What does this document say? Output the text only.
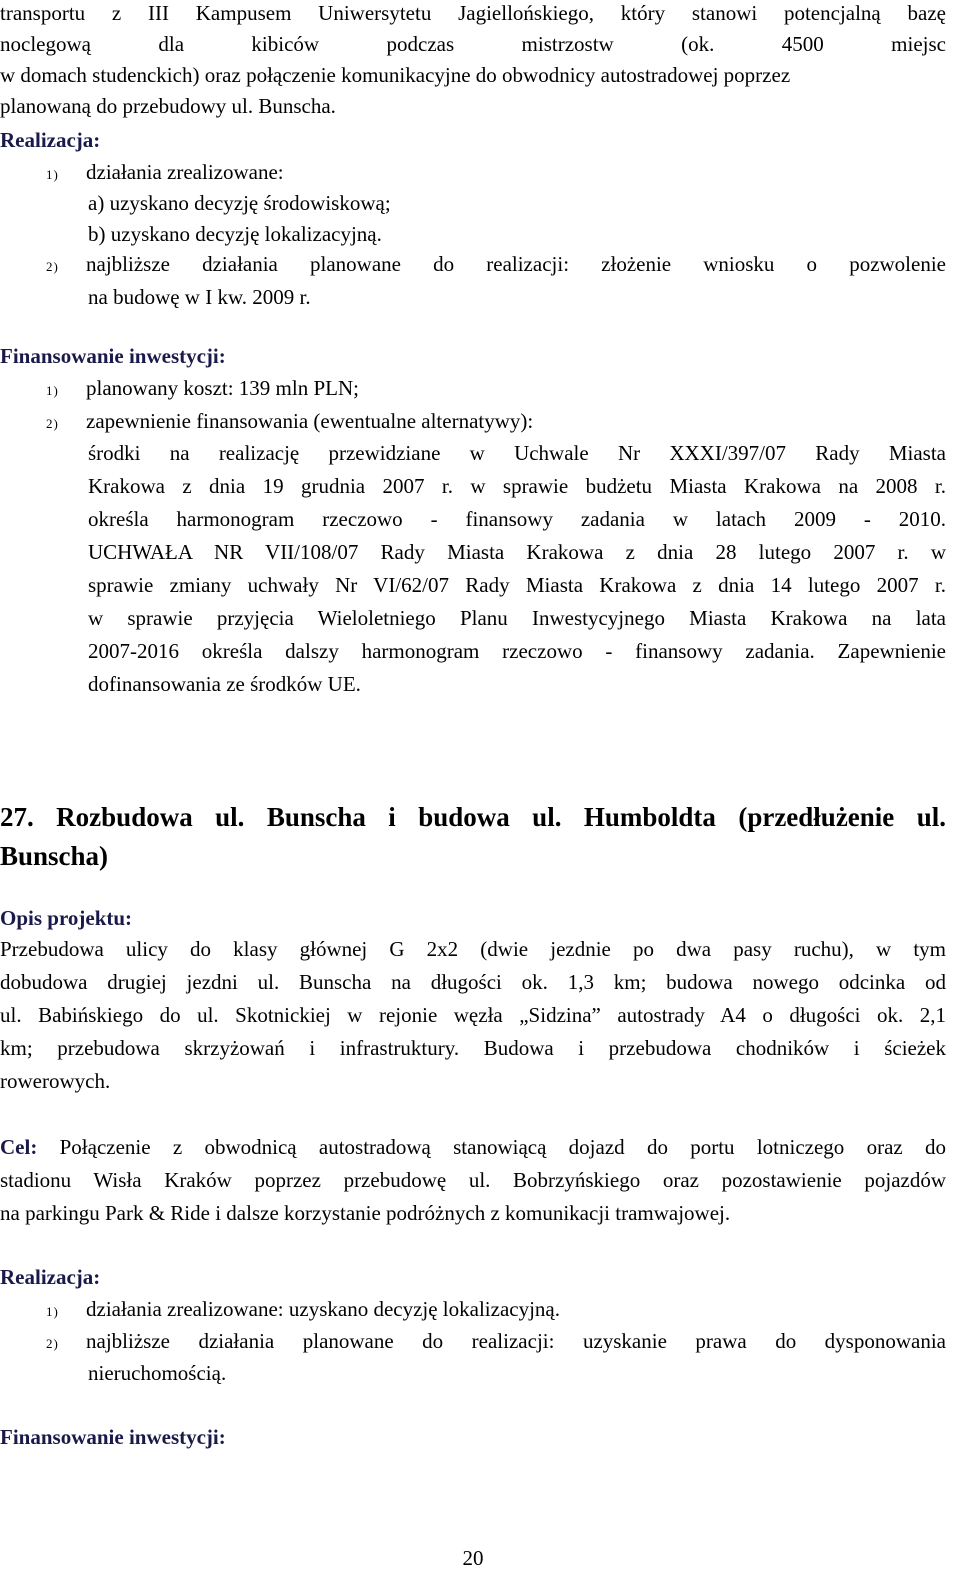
transportu z III Kampusem Uniwersytetu Jagiellońskiego, który stanowi potencjalną bazę
noclegową dla kibiców podczas mistrzostw (ok. 4500 miejsc
w domach studenckich) oraz połączenie komunikacyjne do obwodnicy autostradowej poprzez
planowaną do przebudowy ul. Bunscha.
Realizacja:
1) działania zrealizowane:
a) uzyskano decyzję środowiskową;
b) uzyskano decyzję lokalizacyjną.
2) najbliższe działania planowane do realizacji: złożenie wniosku o pozwolenie
na budowę w I kw. 2009 r.
Finansowanie inwestycji:
1) planowany koszt: 139 mln PLN;
2) zapewnienie finansowania (ewentualne alternatywy):
środki na realizację przewidziane w Uchwale Nr XXXI/397/07 Rady Miasta
Krakowa z dnia 19 grudnia 2007 r. w sprawie budżetu Miasta Krakowa na 2008 r.
określa harmonogram rzeczowo - finansowy zadania w latach 2009 - 2010.
UCHWAŁA NR VII/108/07 Rady Miasta Krakowa z dnia 28 lutego 2007 r. w
sprawie zmiany uchwały Nr VI/62/07 Rady Miasta Krakowa z dnia 14 lutego 2007 r.
w sprawie przyjęcia Wieloletniego Planu Inwestycyjnego Miasta Krakowa na lata
2007-2016 określa dalszy harmonogram rzeczowo - finansowy zadania. Zapewnienie
dofinansowania ze środków UE.
27. Rozbudowa ul. Bunscha i budowa ul. Humboldta (przedłużenie ul.
Bunscha)
Opis projektu:
Przebudowa ulicy do klasy głównej G 2x2 (dwie jezdnie po dwa pasy ruchu), w tym
dobudowa drugiej jezdni ul. Bunscha na długości ok. 1,3 km; budowa nowego odcinka od
ul. Babińskiego do ul. Skotnickiej w rejonie węzła „Sidzina” autostrady A4 o długości ok. 2,1
km; przebudowa skrzyżowań i infrastruktury. Budowa i przebudowa chodników i ścieżek
rowerowych.
Cel: Połączenie z obwodnicą autostradową stanowiącą dojazd do portu lotniczego oraz do
stadionu Wisła Kraków poprzez przebudowę ul. Bobrzyńskiego oraz pozostawienie pojazdów
na parkingu Park & Ride i dalsze korzystanie podróżnych z komunikacji tramwajowej.
Realizacja:
1) działania zrealizowane: uzyskano decyzję lokalizacyjną.
2) najbliższe działania planowane do realizacji: uzyskanie prawa do dysponowania
nieruchomością.
Finansowanie inwestycji:
20
